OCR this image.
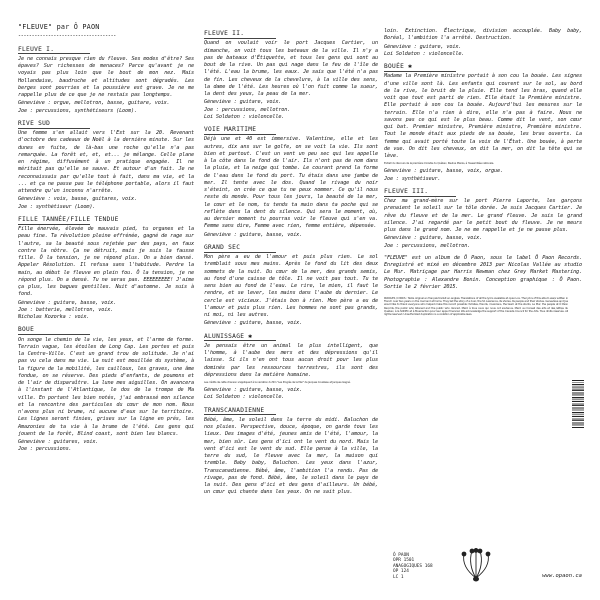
"FLEUVE" par Ô PAON
------------------------------------
FLEUVE I.
Je ne connais presque rien du fleuve. Ses modes d'être? Ses épaves? Sur richesses de menaces? Parce qu'avant je ne voyais pas plus loin que le bout de mon nez. Mais Hollandaise, baudruche et altitudes sont dégradés. Les berges sont pourries et la poussière est grave. Je ne me rappelle plus de ce que je ne restais pas longtemps.
Géneviève : orgue, mellotron, basse, guitare, voix.
Joe : percussions, synthétiseurs (Loom).
RIVE SUD
Une femme s'en allait vers l'Est sur la 20. Revenant d'octobre des cadeaux de Noël à la dernière minute. Sur les dunes en fuite, de là-bas une roche qu'elle n'a pas remarquée. La forêt et, et, et... je mélange. Celle plane en régime, diffusément à un pratique engagée. Il ne méritait pas qu'elle se sauve. Et autour d'un fait. Je ne reconnaissais par qu'elle tout à fait, dans ma vie, et la ... et ça ne passe pas le téléphone portable, alors il faut attendre qu'un inconnu n'arrête.
Géneviève : voix, basse, guitares, voix.
Joe : synthétiseur (Loom).
FILLE TANNÉE/FILLE TENDUE
Fille énervée, élevée de mauvais pied, tu organes et la peau fine. Ta révolution pleine effrénée, gagné de rage sur l'autre, sa la beauté sous rejetée par des pays, en faux contre la nôtre. Ça ne détruit, mais je suis la fausse fille. Ô la tension, je ne répond plus. On a bien dansé. Appeler Résolution. Il refusa sans l'habitude. Perdre la main, au début le fleuve en plein fou. Ô la tension, je ne répond plus. On a dansé. Tu ne seras pas. EEEEEEEEE! J'aime ça plus, les bagues gentilles. Nuit d'automne. Je suis à fond.
Géneviève : guitare, basse, voix.
Joe : batterie, mellotron, voix.
Nicholas Kozorka : voix.
BOUE
On songe le chemin de la vie, les yeux, et l'arme de forme. Terrain vague, les étoiles de Long Cap. Les portes et puis la Centre-Ville. C'est un grand trou de solitude. Je n'ai pas vu cela dans ma vie. La nuit est mouillée du système, à la figure de la mobilité, les cailloux, les graves, une âme fondue, on se réserve. Des pieds d'enfants, de poumons et de l'air de disparaître. La lune mes aiguilles. On avancera à l'instant de l'Atlantique, le dos de la trompe de Ma ville. En portant les bien notés, j'ai embrassé mon silence et la rencontre des particules du cœur de mon nom. Nous n'avons plus ni brume, ni aucune d'eux sur le territoire. Les lignes seront finies, grises sur la ligne en prés, les Amazonies de ta vie à la brume de l'été. Les gens qui jouent de la forêt, Blind coast, sont bien les blancs.
Géneviève : guitares, voix.
Joe : percussions.
FLEUVE II.
Quand on voulait voir le port Jacques Cartier, un dimanche, on voit tous les bateaux de la ville. Il n'y a pas de bateaux d'Étiquette, et tous les gens qui sont au bout de la rive. Un pas qui nage dans le feu de l'île de l'été. L'eau la brume, les eaux. Je sais que l'été n'a pas de fin. Les cheveux de la chevelure, à la ville des sens, la dame de l'été. Les heures où l'on fuit comme la sueur, la dent des yeux, la peau de la mer.
Géneviève : guitare, voix.
Joe : percussions, mellotron.
Loi Soldaton : violoncelle.
VOIE MARITIME
Déjà une et 40 est immersive. Valentine, elle et les autres, dix ans sur le golfe, on se voit la vie. Ils sont bien et partout. C'est un vent un peu sec qui les appelle à la côte dans le fond de l'air. Ils n'ont pas de nom dans la pluie, et la neige qui tombe. Le courant prend la forme de l'eau dans le fond du port. Tu étais dans une jambe de mer. Il tente avec le dos. Quand le rivage du noir s'éteint, on crée ce que tu ne peux nommer. Ce qu'il nous reste du monde. Pour tous les jours, la beauté de la mer, le cœur et le nom, tu tends ta main dans ta poche qui se reflète dans la dent du silence. Qui sera le moment, où, au dernier moment tu pourras voir le fleuve qui s'en va. Femme sans dire, Femme avec rien, femme entière, dépensée.
Géneviève : guitare, basse, voix.
GRAND SEC
Mon père a eu de l'amour et puis plus rien. Le sol tremblait sous mes mains. Après le fond du lit des deux sommets de la nuit. Du cœur de la mer, des grands semis, au fond d'une caisse de tôle. Il ne voit pas tout. Tu te sens bien au fond de l'eau. Le rire, le mien, il faut le rendre, et se lever, les mains dans l'aube du dernier. Le cercle est vicieux. J'étais bon à rien. Mon père a eu de l'amour et puis plus rien. Les hommes ne sont pas grands, ni moi, ni les autres.
Géneviève : guitare, basse, voix.
ALUNISSAGE ✱
Je pensais être un animal le plus intelligent, que l'homme, à l'aube des mers et des dépressions qu'il laisse. Si ils n'en ont tous aucun droit pour les plus dominés par les ressources terrestres, ils sont des dépressions dans la matière humaine.
Les crédits de cette chanson s'appliquent à la narration du film "Les Progrès de la Mer" de Jacques Cousteau et Jacques Gagné.
Géneviève : guitare, basse, voix.
Loi Soldaton : violoncelle.
TRANSCANADIENNE
Bébé, âme, le soleil dans la terre du midi. Baluchon de nos pluies. Perspective, douce, époque, on garde tous les lieux. Des images d'été, jeunes amis de l'été, l'amour, la mer, bien sûr. Les gens d'ici ont le vent du nord. Mais le vent d'ici est le vent du sud. Elle pense à la ville, la terre du sud, le fleuve avec la mer, la maison qui tremble. Baby baby, Baluchon. Les yeux dans l'azur, Transcanadienne. Bébé, âme, l'ambition l'a rendu. Pas de rivage, pas de fond. Bébé, âme, le soleil dans le pays de la nuit. Des gens d'ici et des gens d'ailleurs. Un bébé, un cœur qui chante dans les yeux. On ne sait plus.
loin. Extinction. Électrique, division accouplée. Baby baby, Boréal, l'ambition l'a arrêté. Destruction.
Géneviève : guitare, voix.
Loi Soldaton : violoncelle.
BOUÉE ✱
Madame la Première ministre portait à son cou la bouée. Les signes d'une ville sont là. Les enfants qui courent sur le sol, au bord de la rive, le bruit de la pluie. Elle tend les bras, quand elle voit que tout est parti de rien. Elle était la Première ministre. Elle portait à son cou la bouée. Aujourd'hui les mesures sur le terrain. Elle n'a rien à dire, elle n'a pas à faire. Nous ne savons pas ce qui est le plus beau. Comme dit le vent, son cœur qui bat. Premier ministre, Première ministre, Première ministre. Tout le monde était aux pieds de sa bouée, les bras ouverts. La femme qui avait porté toute la voix de l'État. Une bouée, à perte de vue. On dit les cheveux, on dit la mer, on dit la tête qui se lève.
Extrait du discours de la première ministre du Québec, Pauline Marois, à l'Assemblée nationale.
Géneviève : guitare, basse, voix, orgue.
Joe : synthétiseur.
FLEUVE III.
Chez ma grand-mère sur le port Pierre Laporte, les garçons prenaient le soleil sur le tôle dorée. Je suis Jacques Cartier. Je rêve du fleuve et de la mer. Le grand fleuve. Je suis le grand silence. J'ai regardé par le petit bout du fleuve. Je ne meurs plus dans le grand nom. Je ne me rappelle et je ne passe plus.
Géneviève : guitare, basse, voix.
Joe : percussions, mellotron.
"FLEUVE" est un album de Ô Paon, sous le label Ô Paon Records. Enregistré et mixé en décembre 2013 par Nicolas Vallée au studio Le Mur. Matriçage par Harris Newman chez Grey Market Mastering. Photographie : Alexandre Bonin. Conception graphique : Ô Paon. Sortie le 2 février 2015.
PAROLES / LYRICS : Texte original en français traduit en anglais. Translations of all the lyrics available at opaon.ca. The lyrics of this album were written in French over two years on the road and at home. They tell the story of a river, the St. Lawrence, its shores, its people and their stories. Geneviève and Joe would like to thank everyone who helped make this record possible: families, friends, musicians, the team at the studio, Le Mur, the people at Ô Paon Records, the public who listened and the public who danced. Merci à tous ceux qui nous ont soutenus. Merci au Conseil des arts et des lettres du Québec, à la SODEC et à Musicaction pour leur appui financier. We acknowledge the support of the Canada Council for the Arts. Tous droits réservés. All rights reserved. Unauthorized duplication is a violation of applicable laws.
Ô PAON
OPR 1501
ANAGOGIQUES 168
OP 124
LC 1	www.opaon.ca
